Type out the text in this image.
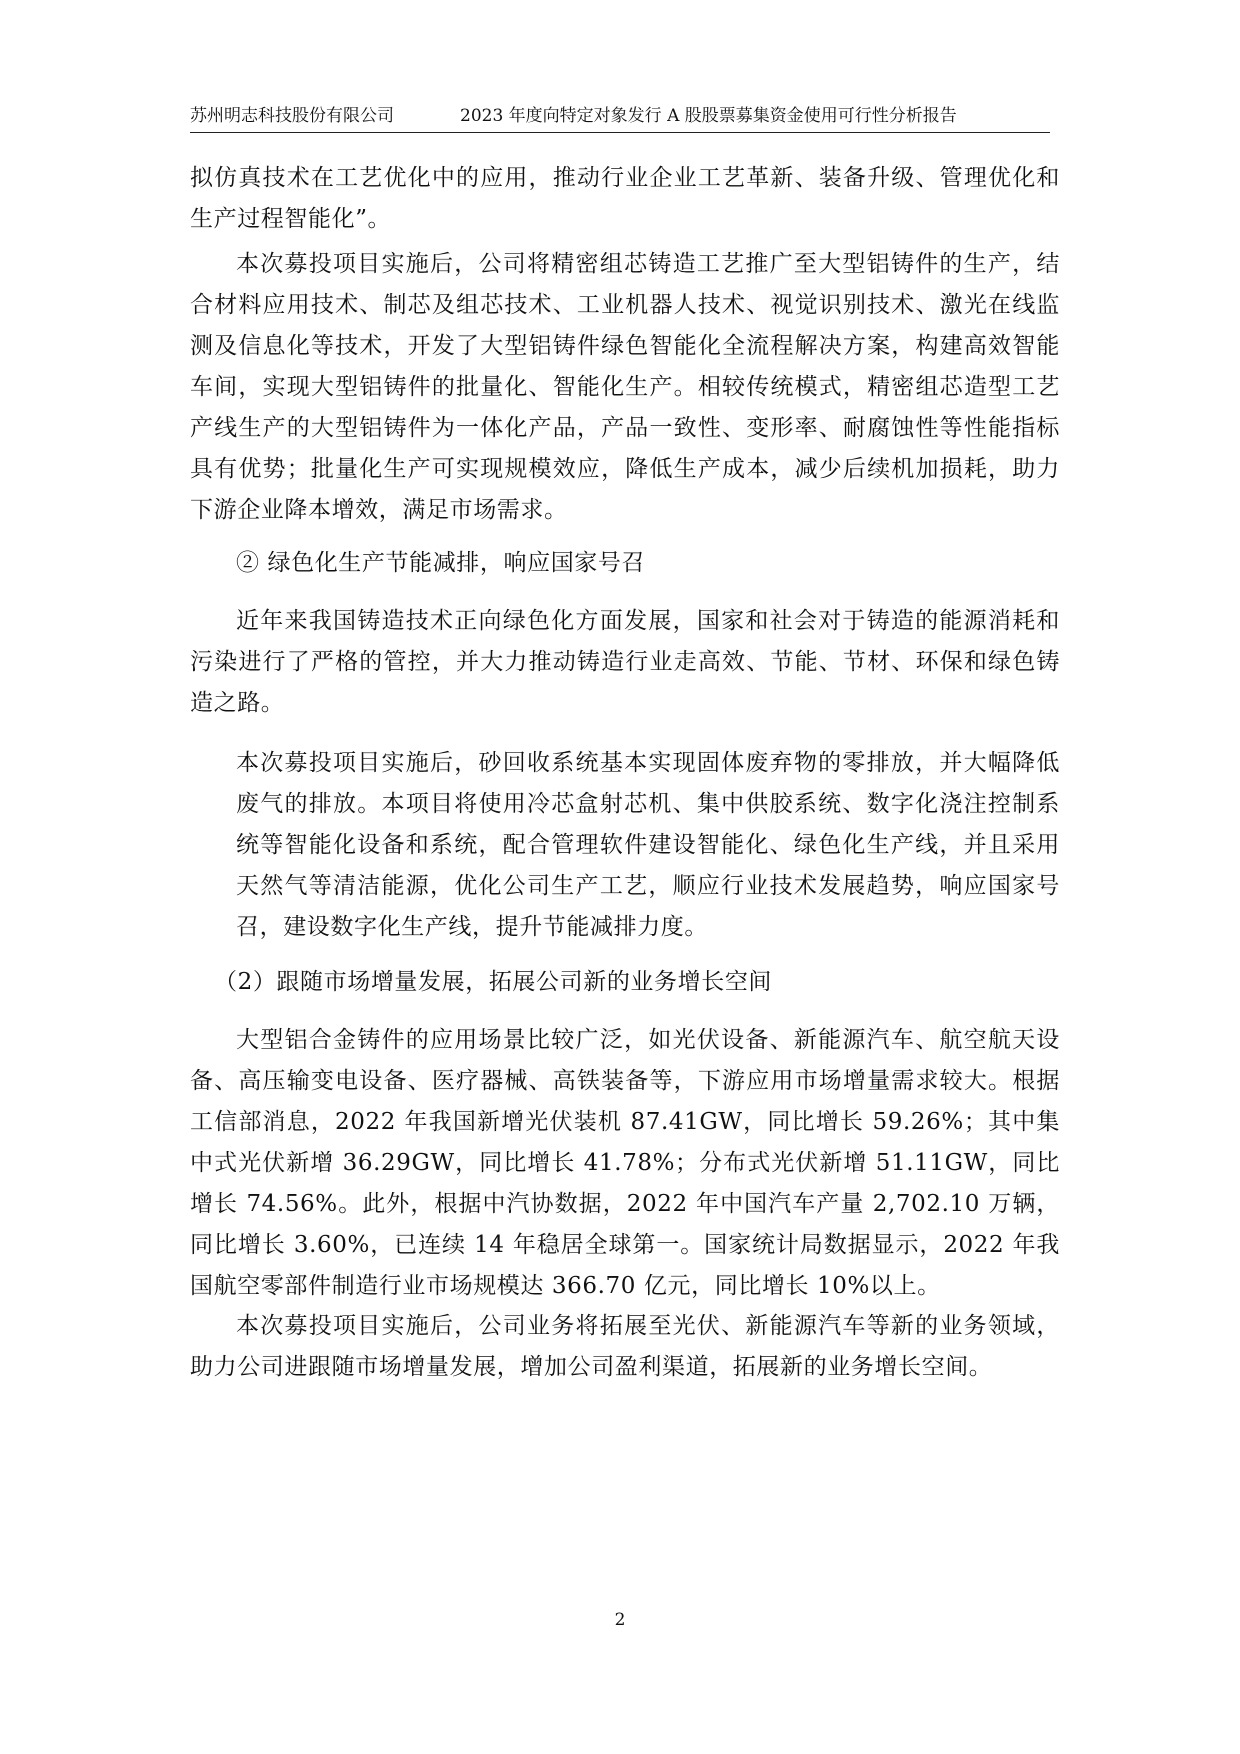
苏州明志科技股份有限公司	2023 年度向特定对象发行 A 股股票募集资金使用可行性分析报告

拟仿真技术在工艺优化中的应用，推动行业企业工艺革新、装备升级、管理优化和生产过程智能化”。

本次募投项目实施后，公司将精密组芯铸造工艺推广至大型铝铸件的生产，结合材料应用技术、制芯及组芯技术、工业机器人技术、视觉识别技术、激光在线监测及信息化等技术，开发了大型铝铸件绿色智能化全流程解决方案，构建高效智能车间，实现大型铝铸件的批量化、智能化生产。相较传统模式，精密组芯造型工艺产线生产的大型铝铸件为一体化产品，产品一致性、变形率、耐腐蚀性等性能指标具有优势；批量化生产可实现规模效应，降低生产成本，减少后续机加损耗，助力下游企业降本增效，满足市场需求。

② 绿色化生产节能减排，响应国家号召

近年来我国铸造技术正向绿色化方面发展，国家和社会对于铸造的能源消耗和污染进行了严格的管控，并大力推动铸造行业走高效、节能、节材、环保和绿色铸造之路。

本次募投项目实施后，砂回收系统基本实现固体废弃物的零排放，并大幅降低废气的排放。本项目将使用冷芯盒射芯机、集中供胶系统、数字化浇注控制系统等智能化设备和系统，配合管理软件建设智能化、绿色化生产线，并且采用天然气等清洁能源，优化公司生产工艺，顺应行业技术发展趋势，响应国家号召，建设数字化生产线，提升节能减排力度。

（2）跟随市场增量发展，拓展公司新的业务增长空间

大型铝合金铸件的应用场景比较广泛，如光伏设备、新能源汽车、航空航天设备、高压输变电设备、医疗器械、高铁装备等，下游应用市场增量需求较大。根据工信部消息，2022 年我国新增光伏装机 87.41GW，同比增长 59.26%；其中集中式光伏新增 36.29GW，同比增长 41.78%；分布式光伏新增 51.11GW，同比增长 74.56%。此外，根据中汽协数据，2022 年中国汽车产量 2,702.10 万辆，同比增长 3.60%，已连续 14 年稳居全球第一。国家统计局数据显示，2022 年我国航空零部件制造行业市场规模达 366.70 亿元，同比增长 10%以上。

本次募投项目实施后，公司业务将拓展至光伏、新能源汽车等新的业务领域，助力公司进跟随市场增量发展，增加公司盈利渠道，拓展新的业务增长空间。

2
